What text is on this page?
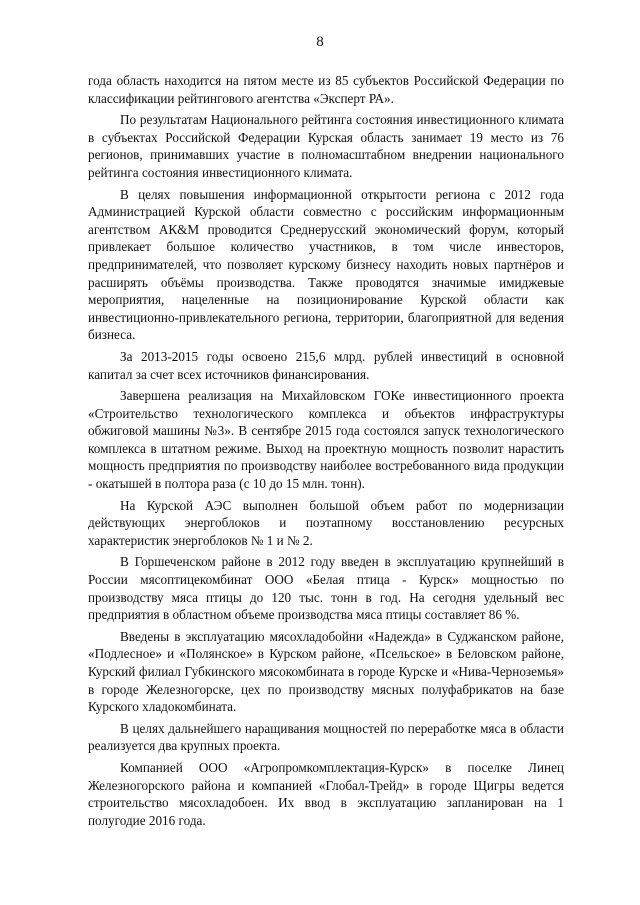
8

года область находится на пятом месте из 85 субъектов Российской Федерации по классификации рейтингового агентства «Эксперт РА».

По результатам Национального рейтинга состояния инвестиционного климата в субъектах Российской Федерации Курская область занимает 19 место из 76 регионов, принимавших участие в полномасштабном внедрении национального рейтинга состояния инвестиционного климата.

В целях повышения информационной открытости региона с 2012 года Администрацией Курской области совместно с российским информационным агентством АК&М проводится Среднерусский экономический форум, который привлекает большое количество участников, в том числе инвесторов, предпринимателей, что позволяет курскому бизнесу находить новых партнёров и расширять объёмы производства. Также проводятся значимые имиджевые мероприятия, нацеленные на позиционирование Курской области как инвестиционно-привлекательного региона, территории, благоприятной для ведения бизнеса.

За 2013-2015 годы освоено 215,6 млрд. рублей инвестиций в основной капитал за счет всех источников финансирования.

Завершена реализация на Михайловском ГОКе инвестиционного проекта «Строительство технологического комплекса и объектов инфраструктуры обжиговой машины №3». В сентябре 2015 года состоялся запуск технологического комплекса в штатном режиме. Выход на проектную мощность позволит нарастить мощность предприятия по производству наиболее востребованного вида продукции - окатышей в полтора раза (с 10 до 15 млн. тонн).

На Курской АЭС выполнен большой объем работ по модернизации действующих энергоблоков и поэтапному восстановлению ресурсных характеристик энергоблоков № 1 и № 2.

В Горшеченском районе в 2012 году введен в эксплуатацию крупнейший в России мясоптицекомбинат ООО «Белая птица - Курск» мощностью по производству мяса птицы до 120 тыс. тонн в год. На сегодня удельный вес предприятия в областном объеме производства мяса птицы составляет 86 %.

Введены в эксплуатацию мясохладобойни «Надежда» в Суджанском районе, «Подлесное» и «Полянское» в Курском районе, «Псельское» в Беловском районе, Курский филиал Губкинского мясокомбината в городе Курске и «Нива-Черноземья» в городе Железногорске, цех по производству мясных полуфабрикатов на базе Курского хладокомбината.

В целях дальнейшего наращивания мощностей по переработке мяса в области реализуется два крупных проекта.

Компанией ООО «Агропромкомплектация-Курск» в поселке Линец Железногорского района и компанией «Глобал-Трейд» в городе Щигры ведется строительство мясохладобоен. Их ввод в эксплуатацию запланирован на 1 полугодие 2016 года.
